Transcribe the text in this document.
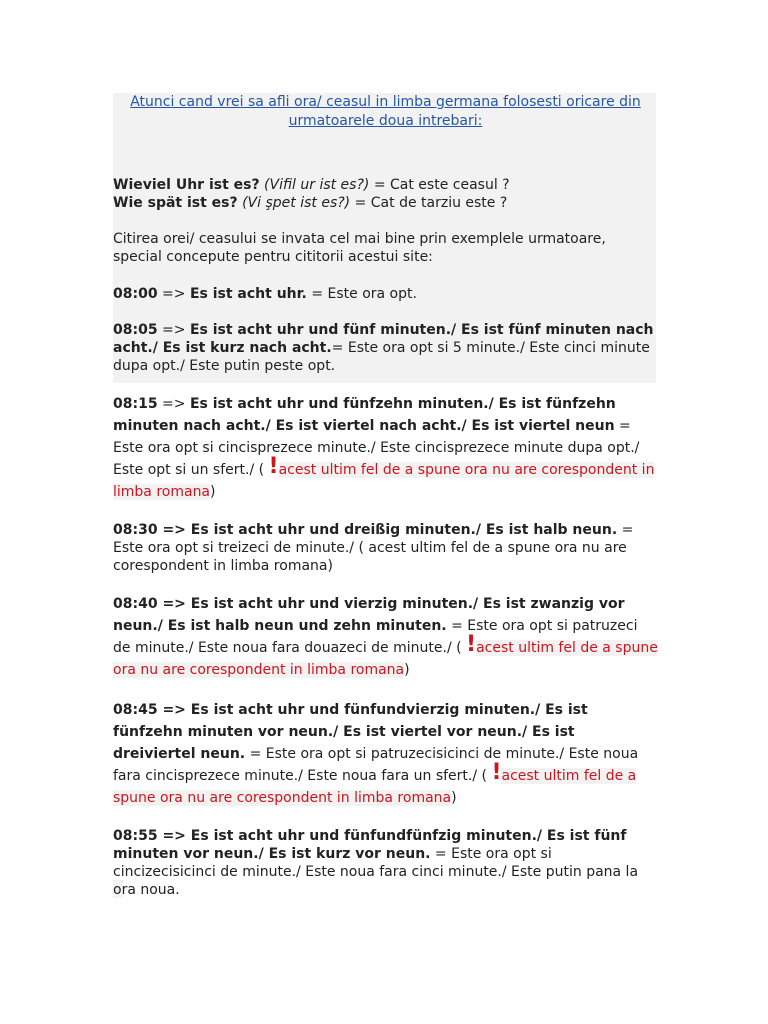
Atunci cand vrei sa afli ora/ ceasul in limba germana folosesti oricare din urmatoarele doua intrebari:

Wieviel Uhr ist es? (Vifil ur ist es?) = Cat este ceasul ?

Wie spät ist es? (Vi şpet ist es?) = Cat de tarziu este ?

Citirea orei/ ceasului se invata cel mai bine prin exemplele urmatoare, special concepute pentru cititorii acestui site:

08:00 => Es ist acht uhr. = Este ora opt.

08:05 => Es ist acht uhr und fünf minuten./ Es ist fünf minuten nach acht./ Es ist kurz nach acht.= Este ora opt si 5 minute./ Este cinci minute dupa opt./ Este putin peste opt.

08:15 => Es ist acht uhr und fünfzehn minuten./ Es ist fünfzehn minuten nach acht./ Es ist viertel nach acht./ Es ist viertel neun = Este ora opt si cincisprezece minute./ Este cincisprezece minute dupa opt./ Este opt si un sfert./ ( !acest ultim fel de a spune ora nu are corespondent in limba romana)

08:30 => Es ist acht uhr und dreißig minuten./ Es ist halb neun. = Este ora opt si treizeci de minute./ ( acest ultim fel de a spune ora nu are corespondent in limba romana)

08:40 => Es ist acht uhr und vierzig minuten./ Es ist zwanzig vor neun./ Es ist halb neun und zehn minuten. = Este ora opt si patruzeci de minute./ Este noua fara douazeci de minute./ ( !acest ultim fel de a spune ora nu are corespondent in limba romana)

08:45 => Es ist acht uhr und fünfundvierzig minuten./ Es ist fünfzehn minuten vor neun./ Es ist viertel vor neun./ Es ist dreiviertel neun. = Este ora opt si patruzecisicinci de minute./ Este noua fara cincisprezece minute./ Este noua fara un sfert./ ( !acest ultim fel de a spune ora nu are corespondent in limba romana)

08:55 => Es ist acht uhr und fünfundfünfzig minuten./ Es ist fünf minuten vor neun./ Es ist kurz vor neun. = Este ora opt si cincizecisicinci de minute./ Este noua fara cinci minute./ Este putin pana la ora noua.
